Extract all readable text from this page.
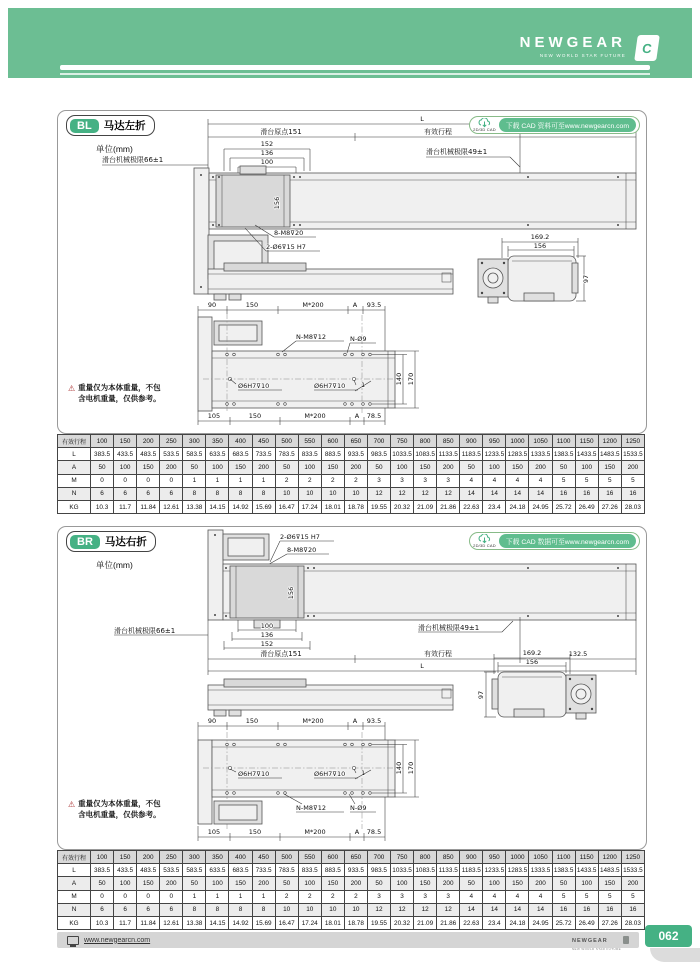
NEWGEAR
NEW WORLD STAR FUTURE	C
L
滑台原点151	有效行程
152
136
100
滑台机械极限66±1
滑台机械极限49±1
156
8-M8⊽20
2-Ø6⊽15 H7
169.2
156
97
90	150	M*200	A 93.5
N-M8⊽12	N-Ø9
Ø6H7⊽10	Ø6H7⊽10 1	140 170
105	150	M*200	A 78.5
BL	马达左折
单位(mm)
2D/3D CAD	下载 CAD 资料可至www.newgearcn.com
⚠ 重量仅为本体重量，不包
含电机重量，仅供参考。
有效行程	100	150	200	250	300	350	400	450	500	550	600	650	700	750	800	850	900	950	1000	1050	1100	1150	1200	1250
L	383.5	433.5	483.5	533.5	583.5	633.5	683.5	733.5	783.5	833.5	883.5	933.5	983.5	1033.5	1083.5	1133.5	1183.5	1233.5	1283.5	1333.5	1383.5	1433.5	1483.5	1533.5
A	50	100	150	200	50	100	150	200	50	100	150	200	50	100	150	200	50	100	150	200	50	100	150	200
M	0	0	0	0	1	1	1	1	2	2	2	2	3	3	3	3	4	4	4	4	5	5	5	5
N	6	6	6	6	8	8	8	8	10	10	10	10	12	12	12	12	14	14	14	14	16	16	16	16
KG	10.3	11.7	11.84	12.61	13.38	14.15	14.92	15.69	16.47	17.24	18.01	18.78	19.55	20.32	21.09	21.86	22.63	23.4	24.18	24.95	25.72	26.49	27.26	28.03
2-Ø6⊽15 H7
8-M8⊽20
156
100
136
152
滑台机械极限66±1	滑台机械极限49±1
滑台原点151	有效行程	132.5
L
169.2
156
97
90	150	M*200	A 93.5
Ø6H7⊽10	Ø6H7⊽10 1
N-M8⊽12	N-Ø9
140 170
105	150	M*200	A 78.5
BR	马达右折
单位(mm)
2D/3D CAD	下载 CAD 数据可至www.newgearcn.com
⚠ 重量仅为本体重量，不包
含电机重量，仅供参考。
有效行程	100	150	200	250	300	350	400	450	500	550	600	650	700	750	800	850	900	950	1000	1050	1100	1150	1200	1250
L	383.5	433.5	483.5	533.5	583.5	633.5	683.5	733.5	783.5	833.5	883.5	933.5	983.5	1033.5	1083.5	1133.5	1183.5	1233.5	1283.5	1333.5	1383.5	1433.5	1483.5	1533.5
A	50	100	150	200	50	100	150	200	50	100	150	200	50	100	150	200	50	100	150	200	50	100	150	200
M	0	0	0	0	1	1	1	1	2	2	2	2	3	3	3	3	4	4	4	4	5	5	5	5
N	6	6	6	6	8	8	8	8	10	10	10	10	12	12	12	12	14	14	14	14	16	16	16	16
KG	10.3	11.7	11.84	12.61	13.38	14.15	14.92	15.69	16.47	17.24	18.01	18.78	19.55	20.32	21.09	21.86	22.63	23.4	24.18	24.95	25.72	26.49	27.26	28.03
www.newgearcn.com	NEWGEAR
NEW WORLD STAR FUTURE
062
